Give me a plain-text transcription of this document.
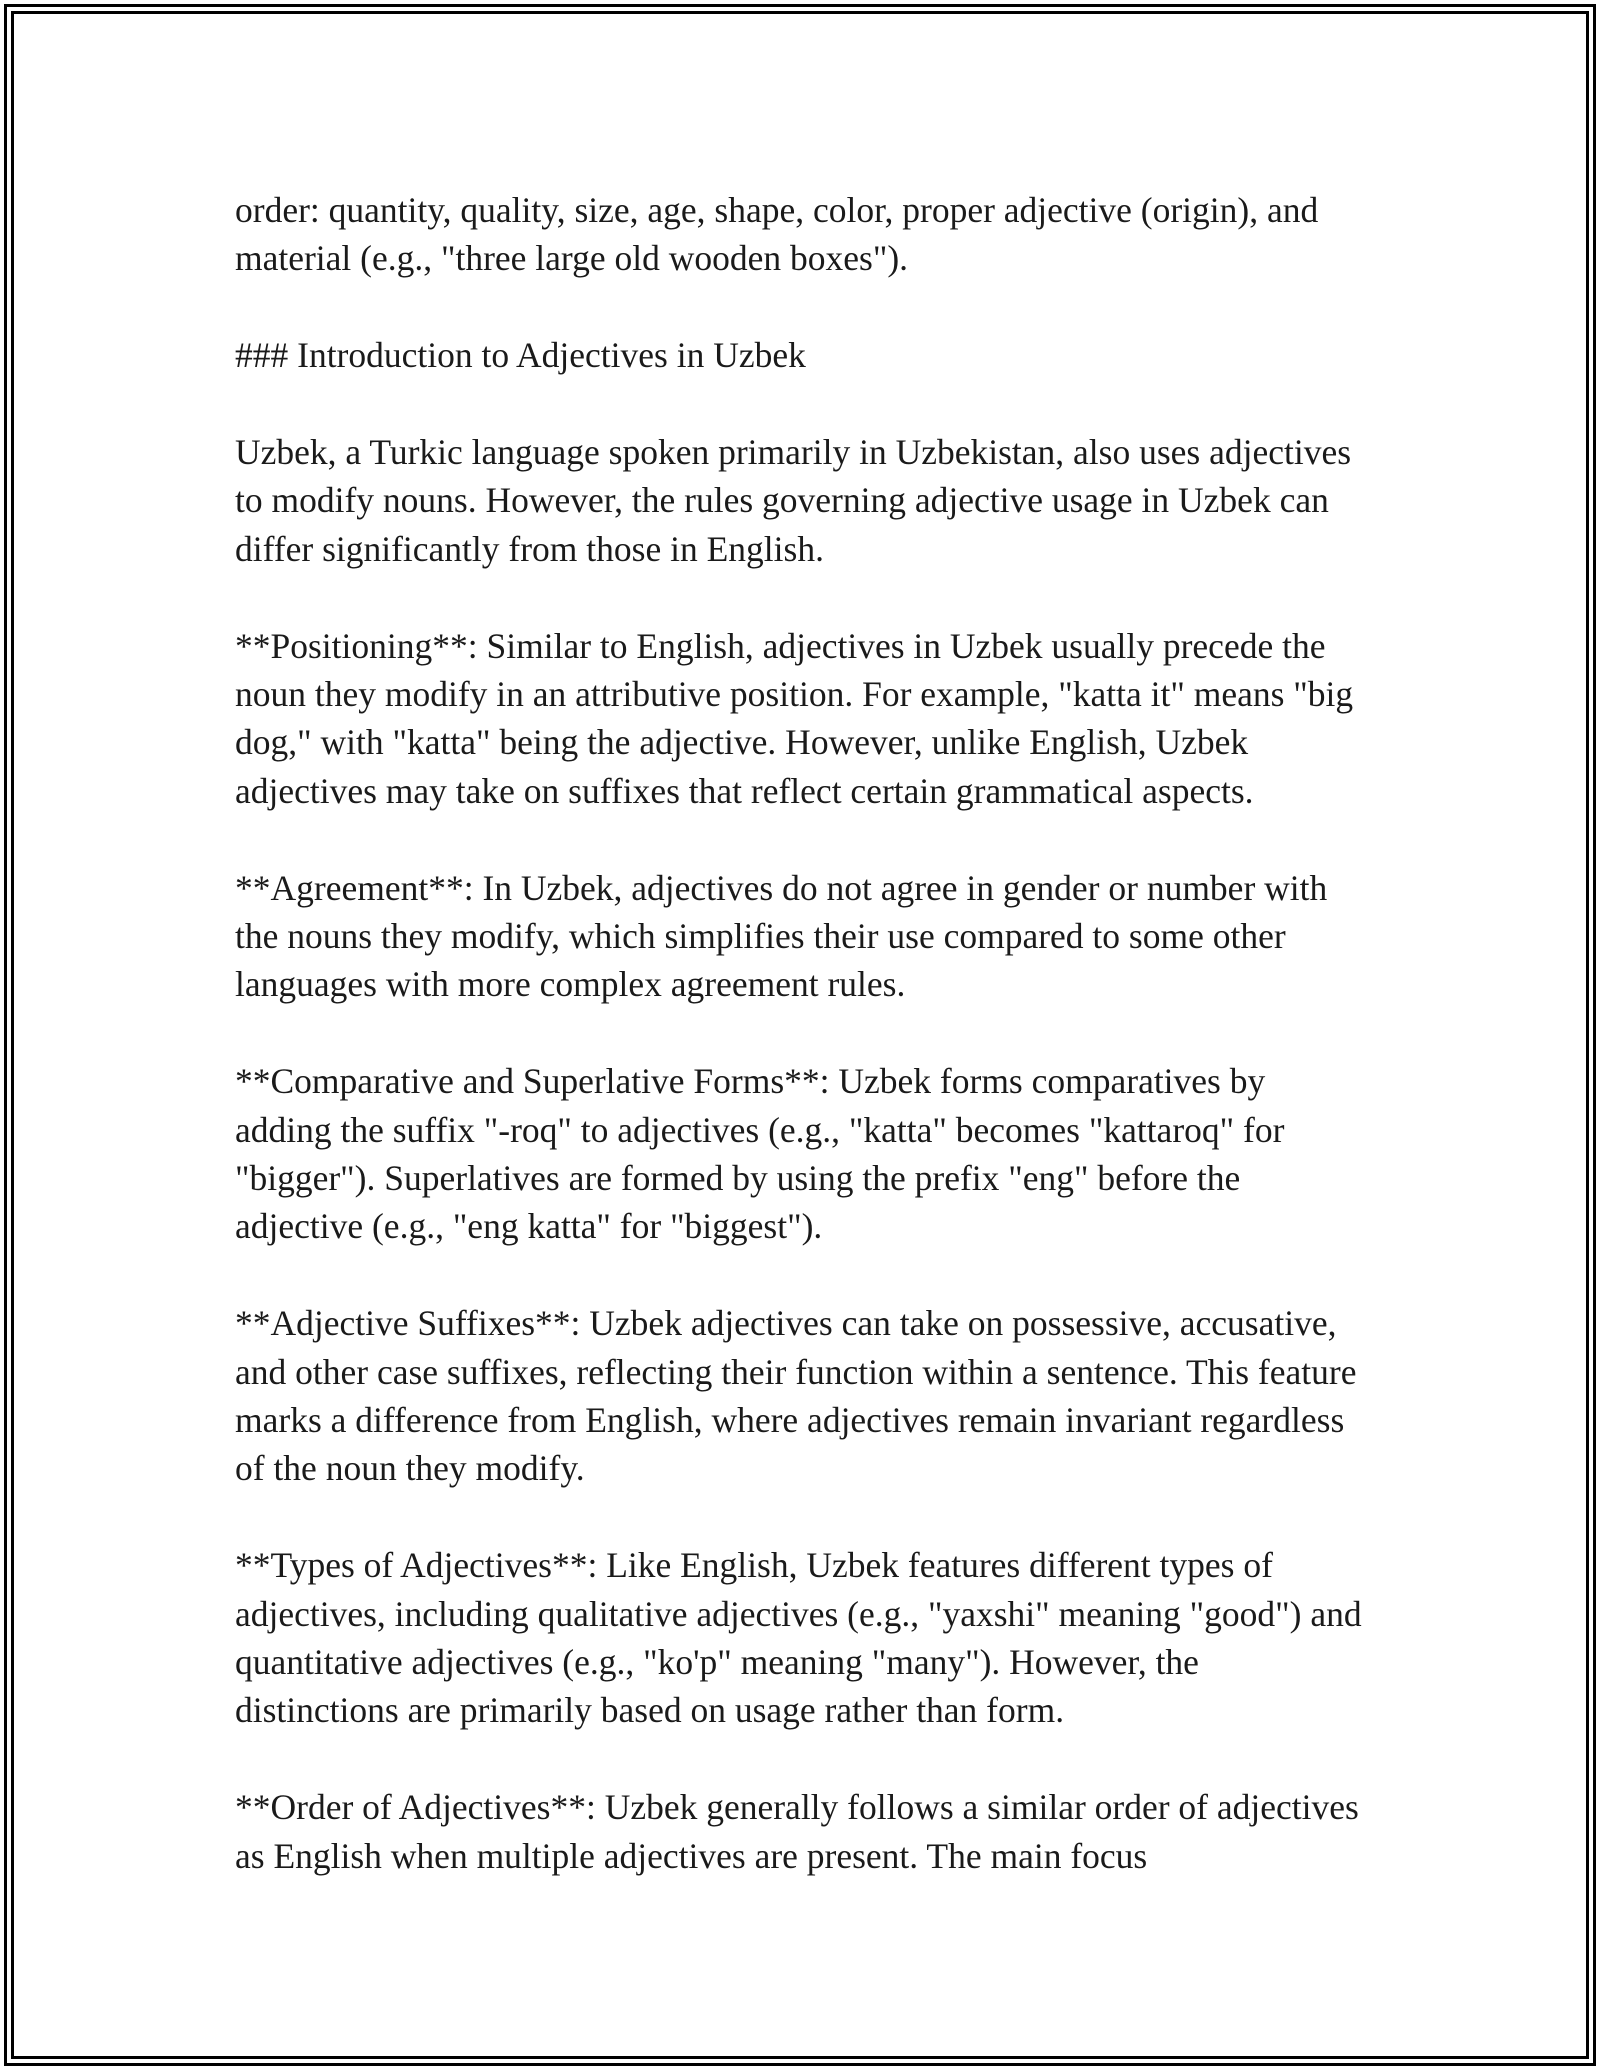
order: quantity, quality, size, age, shape, color, proper adjective (origin), and material (e.g., "three large old wooden boxes").

### Introduction to Adjectives in Uzbek

Uzbek, a Turkic language spoken primarily in Uzbekistan, also uses adjectives to modify nouns. However, the rules governing adjective usage in Uzbek can differ significantly from those in English.

**Positioning**: Similar to English, adjectives in Uzbek usually precede the noun they modify in an attributive position. For example, "katta it" means "big dog," with "katta" being the adjective. However, unlike English, Uzbek adjectives may take on suffixes that reflect certain grammatical aspects.

**Agreement**: In Uzbek, adjectives do not agree in gender or number with the nouns they modify, which simplifies their use compared to some other languages with more complex agreement rules.

**Comparative and Superlative Forms**: Uzbek forms comparatives by adding the suffix "-roq" to adjectives (e.g., "katta" becomes "kattaroq" for "bigger"). Superlatives are formed by using the prefix "eng" before the adjective (e.g., "eng katta" for "biggest").

**Adjective Suffixes**: Uzbek adjectives can take on possessive, accusative, and other case suffixes, reflecting their function within a sentence. This feature marks a difference from English, where adjectives remain invariant regardless of the noun they modify.

**Types of Adjectives**: Like English, Uzbek features different types of adjectives, including qualitative adjectives (e.g., "yaxshi" meaning "good") and quantitative adjectives (e.g., "ko'p" meaning "many"). However, the distinctions are primarily based on usage rather than form.

**Order of Adjectives**: Uzbek generally follows a similar order of adjectives as English when multiple adjectives are present. The main focus
